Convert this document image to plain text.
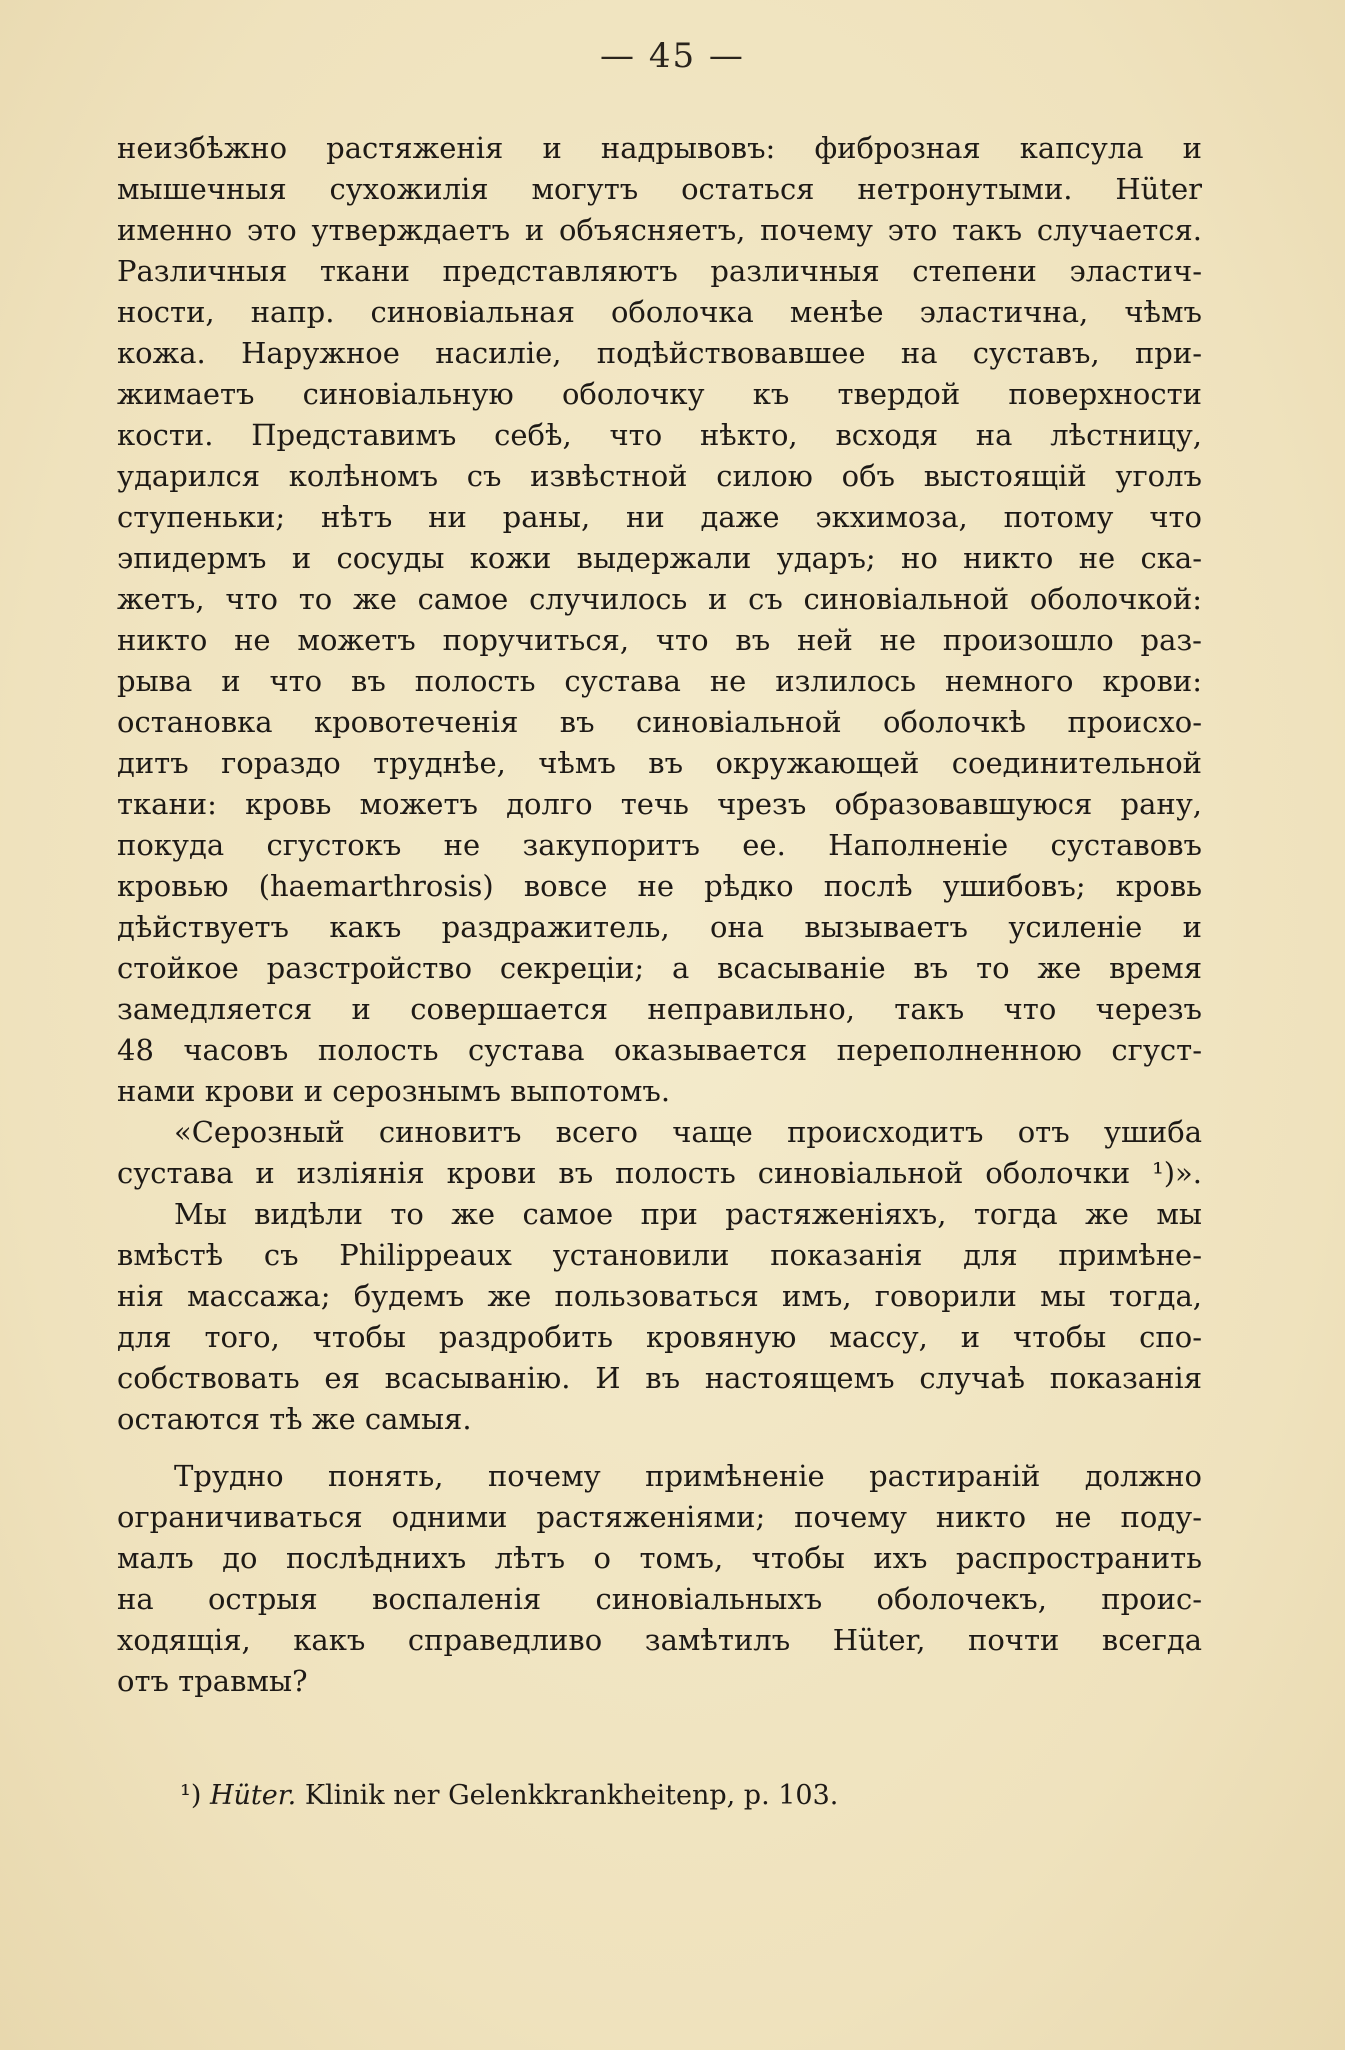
— 45 —
неизбѣжно растяженія и надрывовъ: фиброзная капсула и
мышечныя сухожилія могутъ остаться нетронутыми. Hüter
именно это утверждаетъ и объясняетъ, почему это такъ случается.
Различныя ткани представляютъ различныя степени эластич-
ности, напр. синовіальная оболочка менѣе эластична, чѣмъ
кожа. Наружное насиліе, подѣйствовавшее на суставъ, при-
жимаетъ синовіальную оболочку къ твердой поверхности
кости. Представимъ себѣ, что нѣкто, всходя на лѣстницу,
ударился колѣномъ съ извѣстной силою объ выстоящій уголъ
ступеньки; нѣтъ ни раны, ни даже экхимоза, потому что
эпидермъ и сосуды кожи выдержали ударъ; но никто не ска-
жетъ, что то же самое случилось и съ синовіальной оболочкой:
никто не можетъ поручиться, что въ ней не произошло раз-
рыва и что въ полость сустава не излилось немного крови:
остановка кровотеченія въ синовіальной оболочкѣ происхо-
дитъ гораздо труднѣе, чѣмъ въ окружающей соединительной
ткани: кровь можетъ долго течь чрезъ образовавшуюся рану,
покуда сгустокъ не закупоритъ ее. Наполненіе суставовъ
кровью (haemarthrosis) вовсе не рѣдко послѣ ушибовъ; кровь
дѣйствуетъ какъ раздражитель, она вызываетъ усиленіе и
стойкое разстройство секреціи; а всасываніе въ то же время
замедляется и совершается неправильно, такъ что черезъ
48 часовъ полость сустава оказывается переполненною сгуст-
нами крови и серознымъ выпотомъ.
«Серозный синовитъ всего чаще происходитъ отъ ушиба
сустава и изліянія крови въ полость синовіальной оболочки ¹)».
Мы видѣли то же самое при растяженіяхъ, тогда же мы
вмѣстѣ съ Philippeaux установили показанія для примѣне-
нія массажа; будемъ же пользоваться имъ, говорили мы тогда,
для того, чтобы раздробить кровяную массу, и чтобы спо-
собствовать ея всасыванію. И въ настоящемъ случаѣ показанія
остаются тѣ же самыя.
Трудно понять, почему примѣненіе растираній должно
ограничиваться одними растяженіями; почему никто не поду-
малъ до послѣднихъ лѣтъ о томъ, чтобы ихъ распространить
на острыя воспаленія синовіальныхъ оболочекъ, проис-
ходящія, какъ справедливо замѣтилъ Hüter, почти всегда
отъ травмы?
¹) Hüter. Klinik ner Gelenkkrankheitenр, p. 103.
